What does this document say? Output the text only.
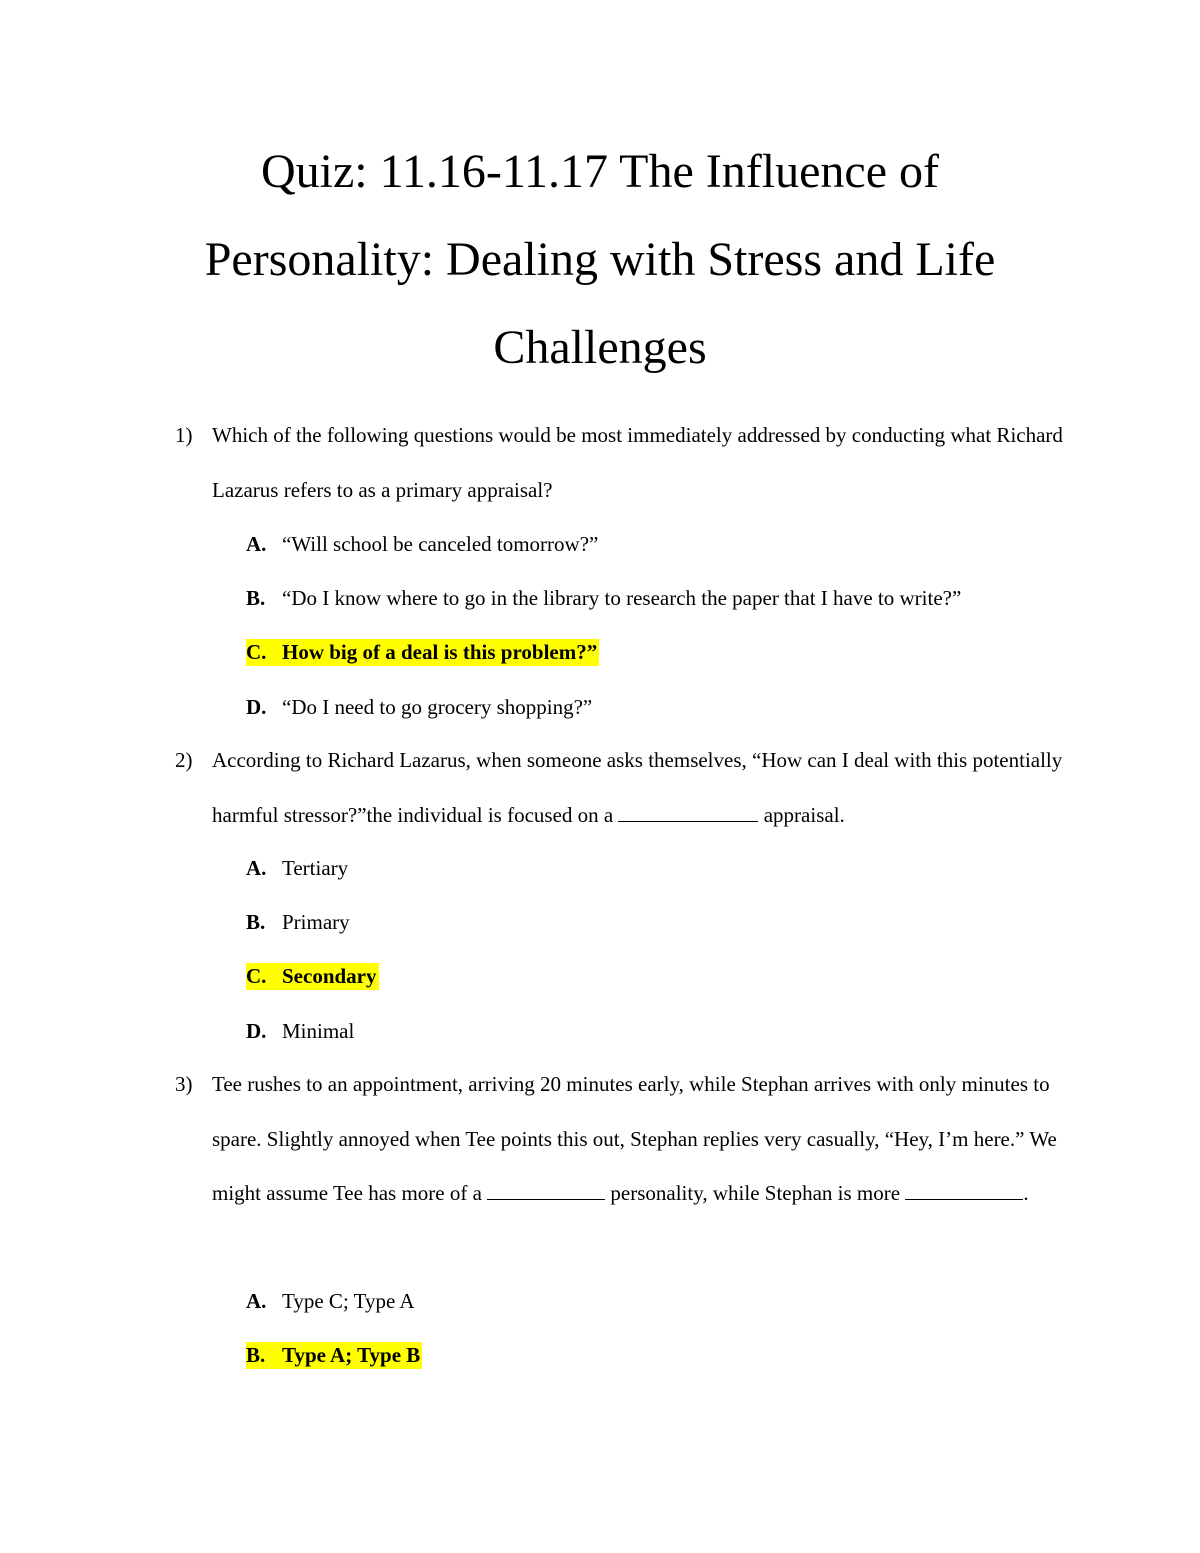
Quiz: 11.16-11.17 The Influence of
Personality: Dealing with Stress and Life
Challenges
1) Which of the following questions would be most immediately addressed by conducting what Richard Lazarus refers to as a primary appraisal?
A. “Will school be canceled tomorrow?”
B. “Do I know where to go in the library to research the paper that I have to write?”
C. How big of a deal is this problem?”
D. “Do I need to go grocery shopping?”
2) According to Richard Lazarus, when someone asks themselves, “How can I deal with this potentially harmful stressor?”the individual is focused on a	appraisal.
A. Tertiary
B. Primary
C. Secondary
D. Minimal
3) Tee rushes to an appointment, arriving 20 minutes early, while Stephan arrives with only minutes to spare. Slightly annoyed when Tee points this out, Stephan replies very casually, “Hey, I’m here.” We might assume Tee has more of a	personality, while Stephan is more	.
A. Type C; Type A
B. Type A; Type B
